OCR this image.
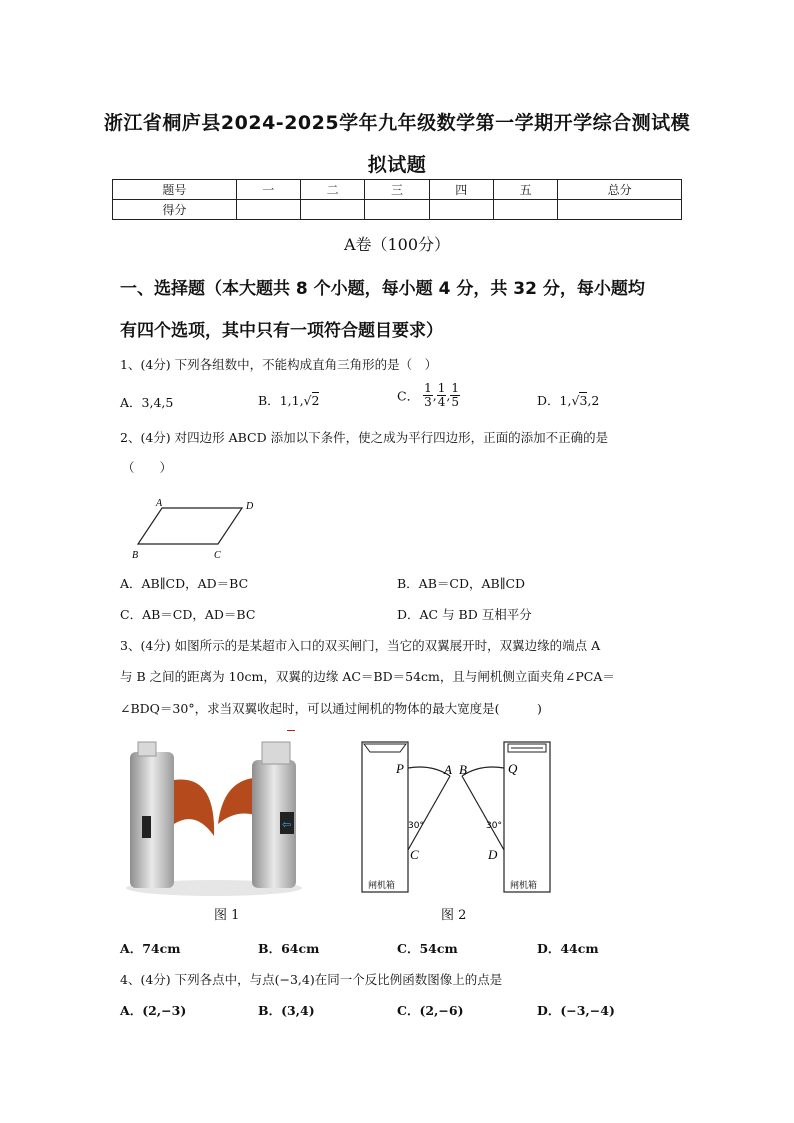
浙江省桐庐县2024-2025学年九年级数学第一学期开学综合测试模
拟试题
题号	一	二	三	四	五	总分
得分						
A卷（100分）
一、选择题（本大题共 8 个小题，每小题 4 分，共 32 分，每小题均
有四个选项，其中只有一项符合题目要求）
1、(4分) 下列各组数中，不能构成直角三角形的是（　）
A．3,4,5	B．1,1,√2	C． $\frac{1}{3}$ , $\frac{1}{4}$ , $\frac{1}{5}$	D．1,√3,2
2、(4分) 对四边形 ABCD 添加以下条件，使之成为平行四边形，正面的添加不正确的是
（　　）
A	D
B	C
A．AB∥CD，AD＝BC	B．AB＝CD，AB∥CD
C．AB＝CD，AD＝BC	D．AC 与 BD 互相平分
3、(4分) 如图所示的是某超市入口的双买闸门，当它的双翼展开时，双翼边缘的端点 A
与 B 之间的距离为 10cm，双翼的边缘 AC＝BD＝54cm，且与闸机侧立面夹角∠PCA＝
∠BDQ＝30°，求当双翼收起时，可以通过闸机的物体的最大宽度是(　　　)
⇦
图 1
P	A B	Q
C	D
30°	30°
闸机箱	闸机箱
图 2
A．74cm	B．64cm	C．54cm	D．44cm
4、(4分) 下列各点中，与点(−3,4)在同一个反比例函数图像上的点是
A．(2,−3)	B．(3,4)	C．(2,−6)	D．(−3,−4)
